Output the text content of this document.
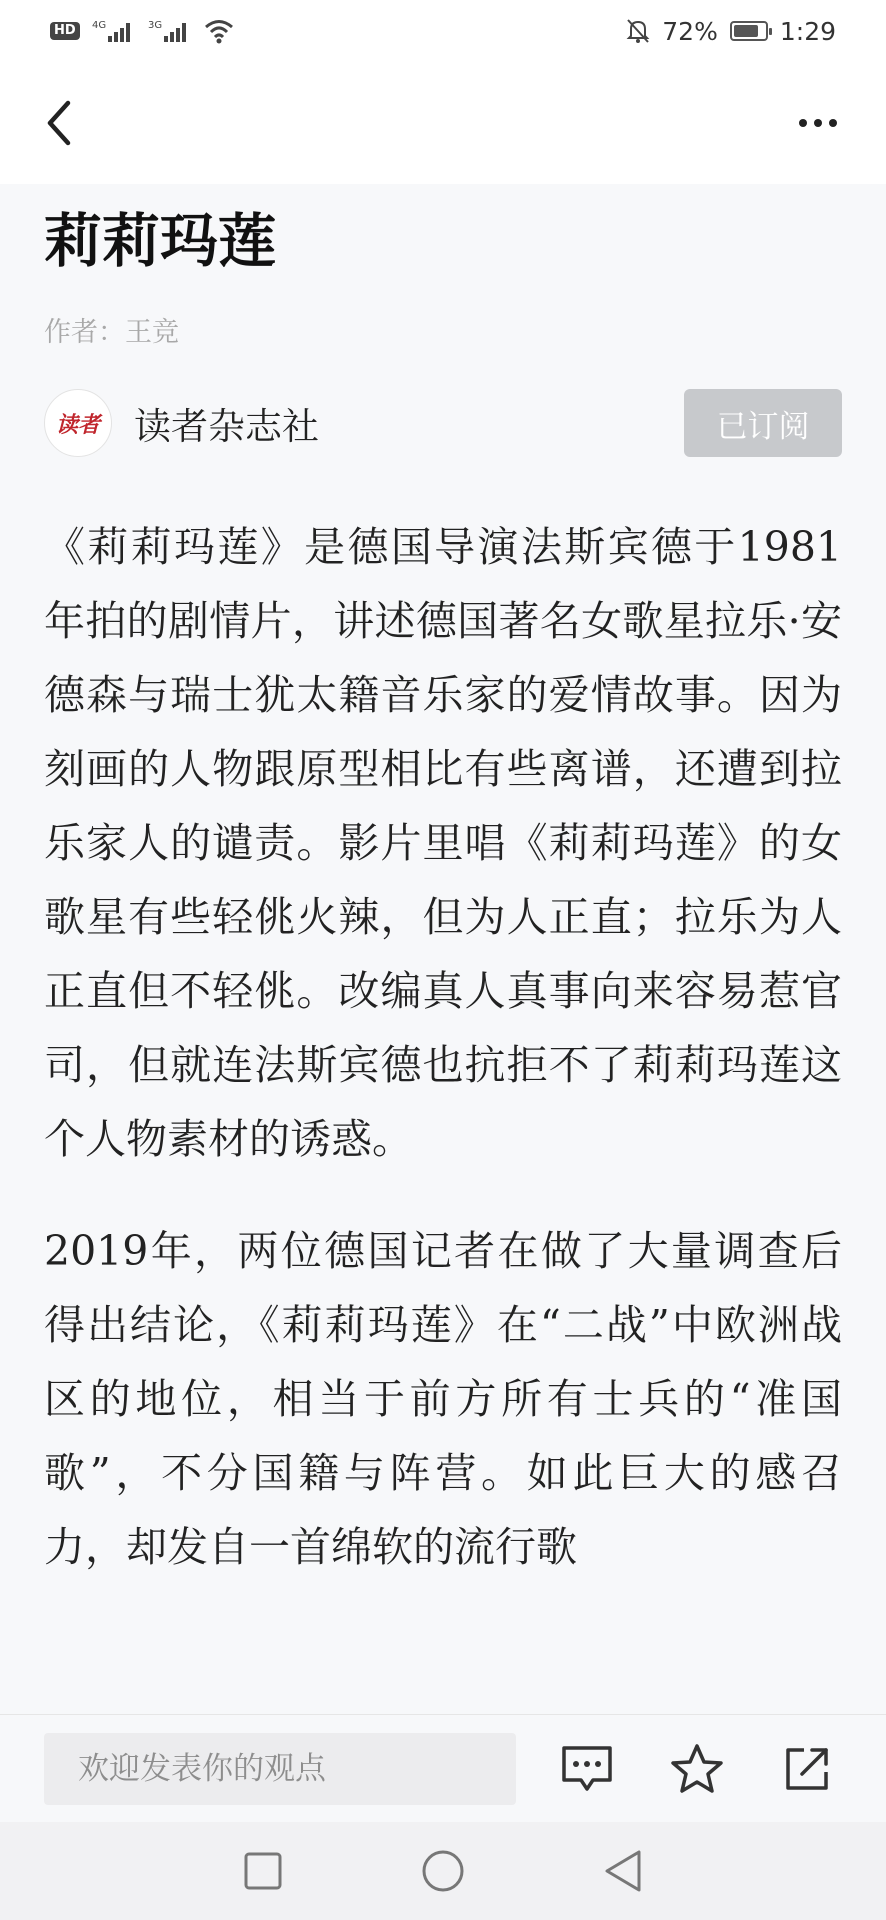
HD	4G	3G	72% 1:29
莉莉玛莲
作者：王竞
读者 读者杂志社	已订阅

《莉莉玛莲》是德国导演法斯宾德于1981年拍的剧情片，讲述德国著名女歌星拉乐·安德森与瑞士犹太籍音乐家的爱情故事。因为刻画的人物跟原型相比有些离谱，还遭到拉乐家人的谴责。影片里唱《莉莉玛莲》的女歌星有些轻佻火辣，但为人正直；拉乐为人正直但不轻佻。改编真人真事向来容易惹官司，但就连法斯宾德也抗拒不了莉莉玛莲这个人物素材的诱惑。

2019年，两位德国记者在做了大量调查后得出结论，《莉莉玛莲》在“二战”中欧洲战区的地位，相当于前方所有士兵的“准国歌”，不分国籍与阵营。如此巨大的感召力，却发自一首绵软的流行歌

欢迎发表你的观点
